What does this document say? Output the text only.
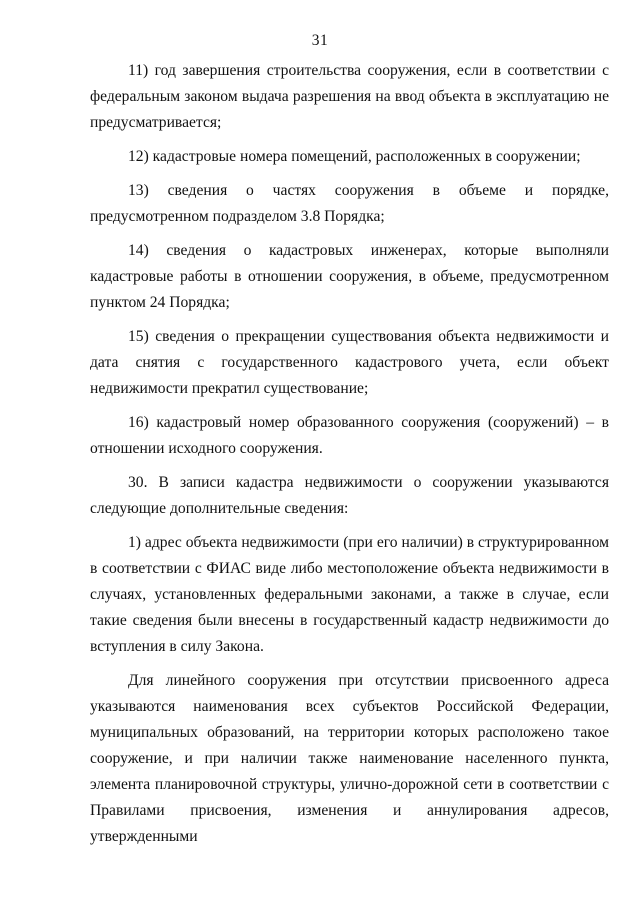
31

11) год завершения строительства сооружения, если в соответствии с федеральным законом выдача разрешения на ввод объекта в эксплуатацию не предусматривается;

12) кадастровые номера помещений, расположенных в сооружении;

13) сведения о частях сооружения в объеме и порядке, предусмотренном подразделом 3.8 Порядка;

14) сведения о кадастровых инженерах, которые выполняли кадастровые работы в отношении сооружения, в объеме, предусмотренном пунктом 24 Порядка;

15) сведения о прекращении существования объекта недвижимости и дата снятия с государственного кадастрового учета, если объект недвижимости прекратил существование;

16) кадастровый номер образованного сооружения (сооружений) – в отношении исходного сооружения.

30. В записи кадастра недвижимости о сооружении указываются следующие дополнительные сведения:

1) адрес объекта недвижимости (при его наличии) в структурированном в соответствии с ФИАС виде либо местоположение объекта недвижимости в случаях, установленных федеральными законами, а также в случае, если такие сведения были внесены в государственный кадастр недвижимости до вступления в силу Закона.

Для линейного сооружения при отсутствии присвоенного адреса указываются наименования всех субъектов Российской Федерации, муниципальных образований, на территории которых расположено такое сооружение, и при наличии также наименование населенного пункта, элемента планировочной структуры, улично-дорожной сети в соответствии с Правилами присвоения, изменения и аннулирования адресов, утвержденными
